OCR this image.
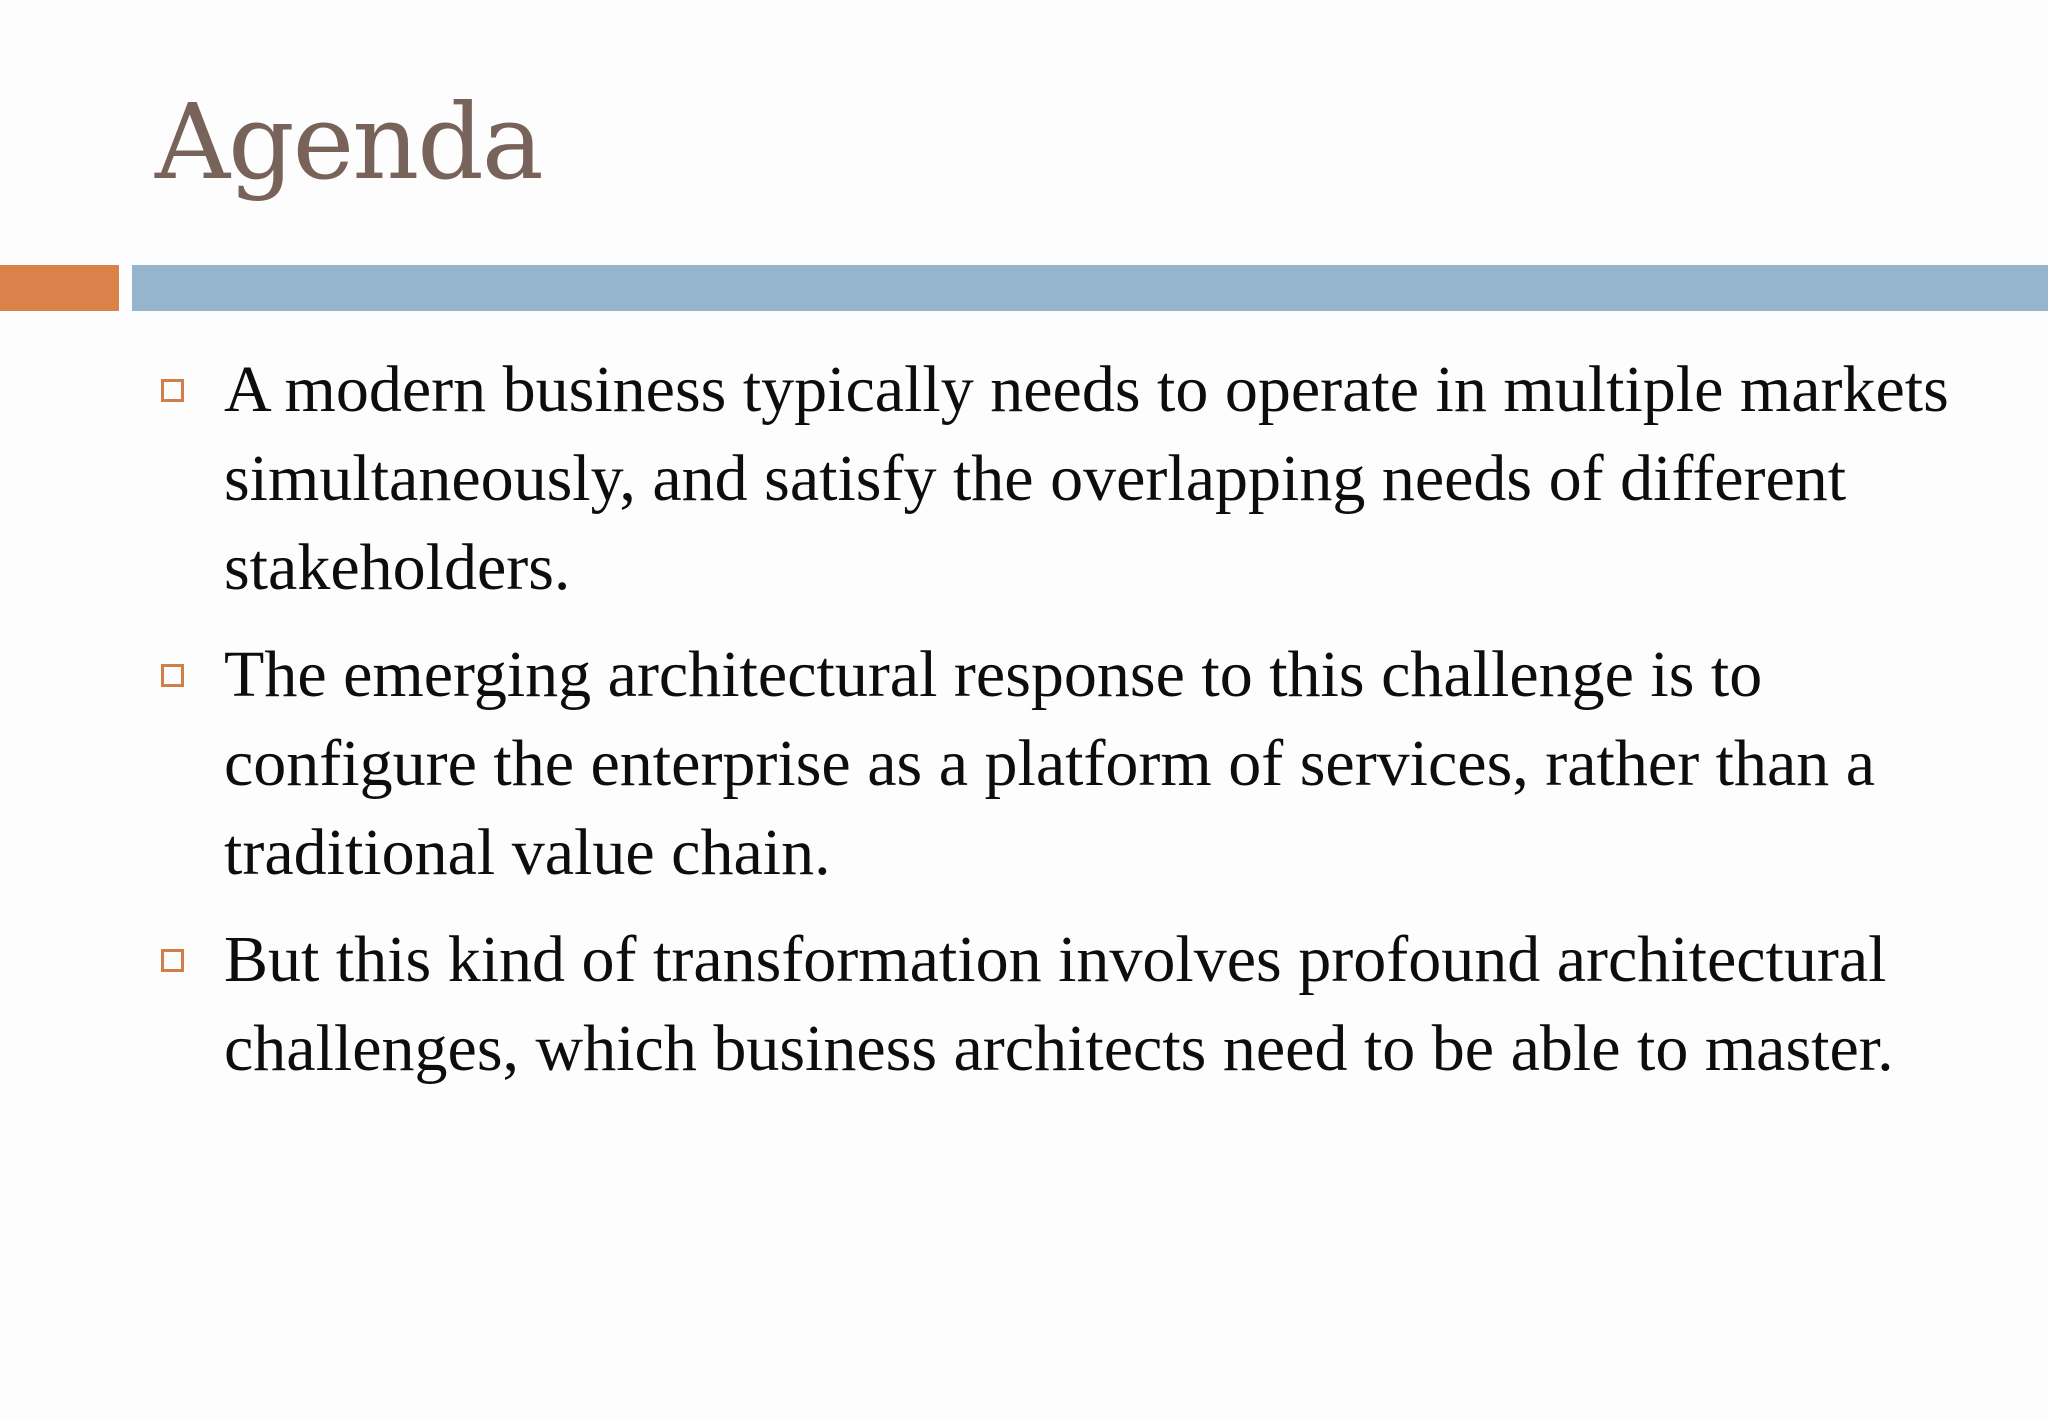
Agenda
A modern business typically needs to operate in multiple markets simultaneously, and satisfy the overlapping needs of different stakeholders.
The emerging architectural response to this challenge is to configure the enterprise as a platform of services, rather than a traditional value chain.
But this kind of transformation involves profound architectural challenges, which business architects need to be able to master.
